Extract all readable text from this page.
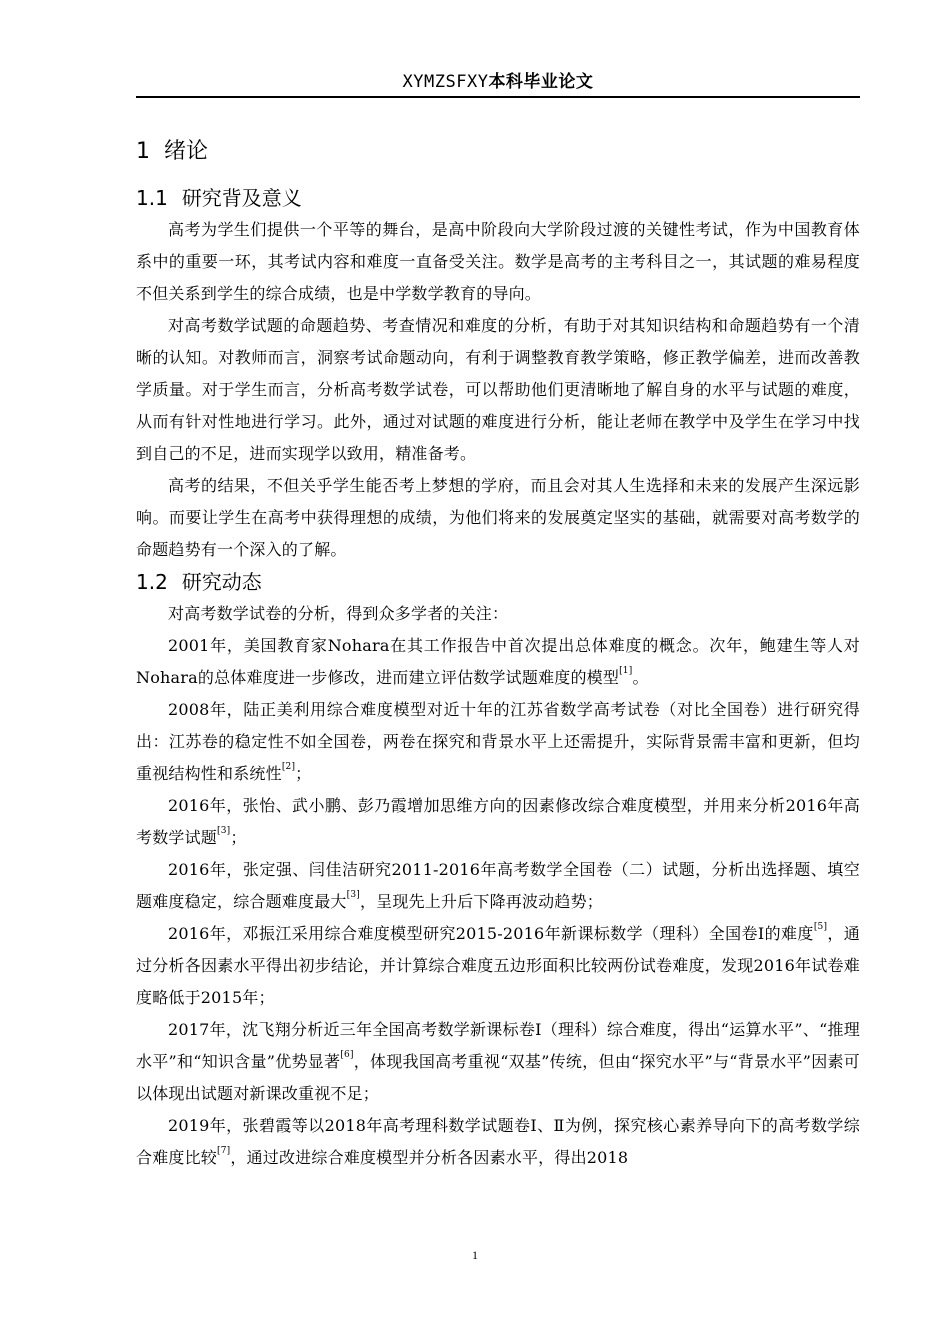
XYMZSFXY本科毕业论文
1 绪论
1.1 研究背及意义

高考为学生们提供一个平等的舞台，是高中阶段向大学阶段过渡的关键性考试，作为中国教育体系中的重要一环，其考试内容和难度一直备受关注。数学是高考的主考科目之一，其试题的难易程度不但关系到学生的综合成绩，也是中学数学教育的导向。

对高考数学试题的命题趋势、考查情况和难度的分析，有助于对其知识结构和命题趋势有一个清晰的认知。对教师而言，洞察考试命题动向，有利于调整教育教学策略，修正教学偏差，进而改善教学质量。对于学生而言，分析高考数学试卷，可以帮助他们更清晰地了解自身的水平与试题的难度，从而有针对性地进行学习。此外，通过对试题的难度进行分析，能让老师在教学中及学生在学习中找到自己的不足，进而实现学以致用，精准备考。

高考的结果，不但关乎学生能否考上梦想的学府，而且会对其人生选择和未来的发展产生深远影响。而要让学生在高考中获得理想的成绩，为他们将来的发展奠定坚实的基础，就需要对高考数学的命题趋势有一个深入的了解。

1.2 研究动态

对高考数学试卷的分析，得到众多学者的关注：

2001年，美国教育家Nohara在其工作报告中首次提出总体难度的概念。次年，鲍建生等人对Nohara的总体难度进一步修改，进而建立评估数学试题难度的模型[1]。

2008年，陆正美利用综合难度模型对近十年的江苏省数学高考试卷（对比全国卷）进行研究得出：江苏卷的稳定性不如全国卷，两卷在探究和背景水平上还需提升，实际背景需丰富和更新，但均重视结构性和系统性[2]；

2016年，张怡、武小鹏、彭乃霞增加思维方向的因素修改综合难度模型，并用来分析2016年高考数学试题[3]；

2016年，张定强、闫佳洁研究2011-2016年高考数学全国卷（二）试题，分析出选择题、填空题难度稳定，综合题难度最大[3]，呈现先上升后下降再波动趋势；

2016年，邓振江采用综合难度模型研究2015-2016年新课标数学（理科）全国卷I的难度[5]，通过分析各因素水平得出初步结论，并计算综合难度五边形面积比较两份试卷难度，发现2016年试卷难度略低于2015年；

2017年，沈飞翔分析近三年全国高考数学新课标卷Ⅰ（理科）综合难度，得出“运算水平”、“推理水平”和“知识含量”优势显著[6]，体现我国高考重视“双基”传统，但由“探究水平”与“背景水平”因素可以体现出试题对新课改重视不足；

2019年，张碧霞等以2018年高考理科数学试题卷Ⅰ、Ⅱ为例，探究核心素养导向下的高考数学综合难度比较[7]，通过改进综合难度模型并分析各因素水平，得出2018

1
